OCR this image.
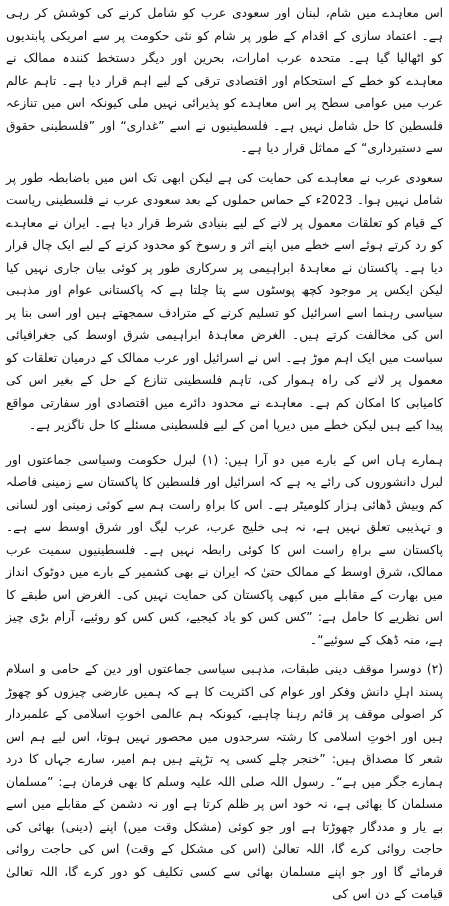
اس معاہدے میں شام، لبنان اور سعودی عرب کو شامل کرنے کی کوشش کر رہی ہے۔ اعتماد سازی کے اقدام کے طور پر شام کو نئی حکومت پر سے امریکی پابندیوں کو اٹھالیا گیا ہے۔ متحدہ عرب امارات، بحرین اور دیگر دستخط کنندہ ممالک نے معاہدے کو خطے کے استحکام اور اقتصادی ترقی کے لیے اہم قرار دیا ہے۔ تاہم عالم عرب میں عوامی سطح پر اس معاہدے کو پذیرائی نہیں ملی کیونکہ اس میں تنازعہ فلسطین کا حل شامل نہیں ہے۔ فلسطینیوں نے اسے ”غداری“ اور ”فلسطینی حقوق سے دستبرداری“ کے مماثل قرار دیا ہے۔

سعودی عرب نے معاہدے کی حمایت کی ہے لیکن ابھی تک اس میں باضابطہ طور پر شامل نہیں ہوا۔ 2023ء کے حماس حملوں کے بعد سعودی عرب نے فلسطینی ریاست کے قیام کو تعلقات معمول پر لانے کے لیے بنیادی شرط قرار دیا ہے۔ ایران نے معاہدے کو رد کرتے ہوئے اسے خطے میں اپنے اثر و رسوخ کو محدود کرنے کے لیے ایک چال قرار دیا ہے۔ پاکستان نے معاہدۂ ابراہیمی پر سرکاری طور پر کوئی بیان جاری نہیں کیا لیکن ایکس پر موجود کچھ پوسٹوں سے پتا چلتا ہے کہ پاکستانی عوام اور مذہبی سیاسی رہنما اسے اسرائیل کو تسلیم کرنے کے مترادف سمجھتے ہیں اور اسی بنا پر اس کی مخالفت کرتے ہیں۔ الغرض معاہدۂ ابراہیمی شرق اوسط کی جغرافیائی سیاست میں ایک اہم موڑ ہے۔ اس نے اسرائیل اور عرب ممالک کے درمیان تعلقات کو معمول پر لانے کی راہ ہموار کی، تاہم فلسطینی تنازع کے حل کے بغیر اس کی کامیابی کا امکان کم ہے۔ معاہدے نے محدود دائرے میں اقتصادی اور سفارتی مواقع پیدا کیے ہیں لیکن خطے میں دیرپا امن کے لیے فلسطینی مسئلے کا حل ناگزیر ہے۔

ہمارے ہاں اس کے بارے میں دو آرا ہیں: (۱) لبرل حکومت وسیاسی جماعتوں اور لبرل دانشوروں کی رائے یہ ہے کہ اسرائیل اور فلسطین کا پاکستان سے زمینی فاصلہ کم وبیش ڈھائی ہزار کلومیٹر ہے۔ اس کا براہِ راست ہم سے کوئی زمینی اور لسانی و تہذیبی تعلق نہیں ہے، نہ ہی خلیج عرب، عرب لیگ اور شرق اوسط سے ہے۔ پاکستان سے براہِ راست اس کا کوئی رابطہ نہیں ہے۔ فلسطینیوں سمیت عرب ممالک، شرق اوسط کے ممالک حتیٰ کہ ایران نے بھی کشمیر کے بارے میں دوٹوک انداز میں بھارت کے مقابلے میں کبھی پاکستان کی حمایت نہیں کی۔ الغرض اس طبقے کا اس نظریے کا حامل ہے: ”کس کس کو یاد کیجیے، کس کس کو روئیے، آرام بڑی چیز ہے، منہ ڈھک کے سوئیے“۔

(۲) دوسرا موقف دینی طبقات، مذہبی سیاسی جماعتوں اور دین کے حامی و اسلام پسند اہلِ دانش وفکر اور عوام کی اکثریت کا ہے کہ ہمیں عارضی چیزوں کو چھوڑ کر اصولی موقف پر قائم رہنا چاہیے، کیونکہ ہم عالمی اخوتِ اسلامی کے علمبردار ہیں اور اخوتِ اسلامی کا رشتہ سرحدوں میں محصور نہیں ہوتا، اس لیے ہم اس شعر کا مصداق ہیں: ”خنجر چلے کسی پہ تڑپتے ہیں ہم امیر، سارے جہاں کا درد ہمارے جگر میں ہے“۔ رسول اللہ صلی اللہ علیہ وسلم کا بھی فرمان ہے: ”مسلمان مسلمان کا بھائی ہے، نہ خود اس پر ظلم کرتا ہے اور نہ دشمن کے مقابلے میں اسے بے یار و مددگار چھوڑتا ہے اور جو کوئی (مشکل وقت میں) اپنے (دینی) بھائی کی حاجت روائی کرے گا، اللہ تعالیٰ (اس کی مشکل کے وقت) اس کی حاجت روائی فرمائے گا اور جو اپنے مسلمان بھائی سے کسی تکلیف کو دور کرے گا، اللہ تعالیٰ قیامت کے دن اس کی
